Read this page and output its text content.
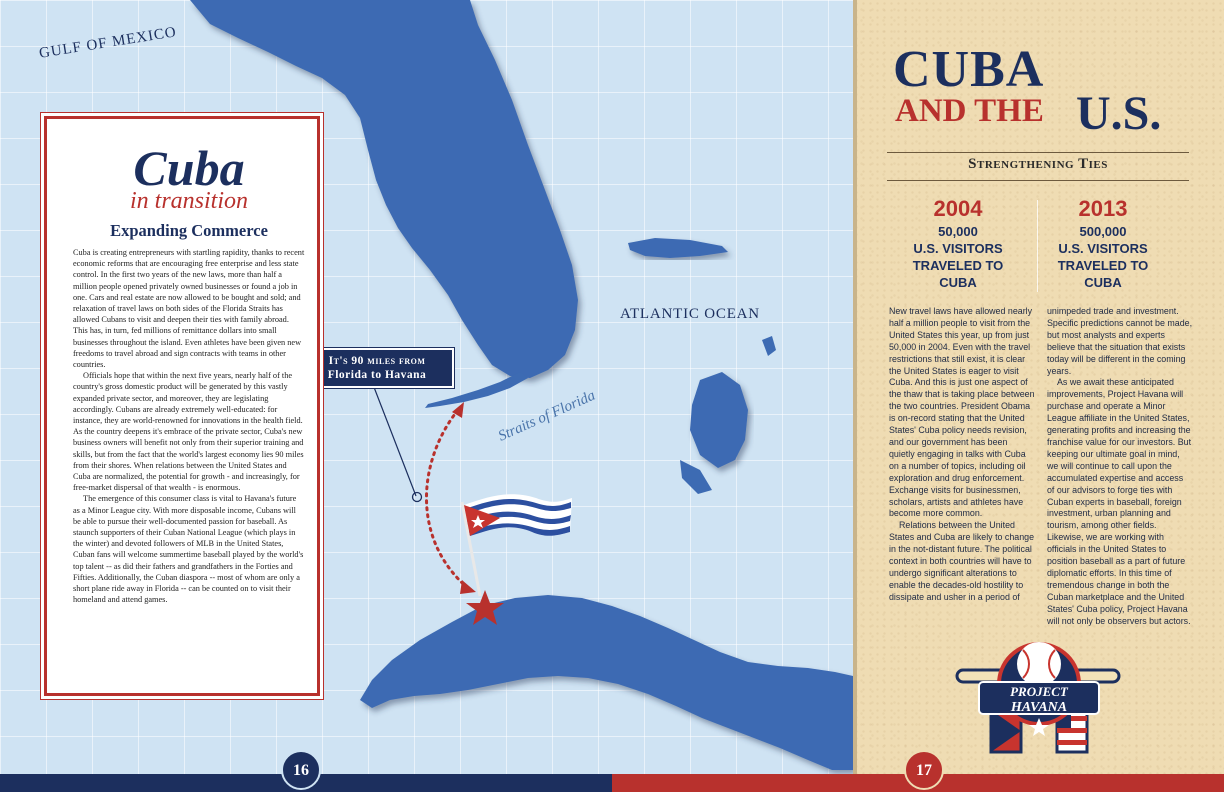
GULF OF MEXICO
ATLANTIC OCEAN
Straits of Florida
It's 90 miles from
Florida to Havana
Cuba
in transition
Expanding Commerce

Cuba is creating entrepreneurs with startling rapidity, thanks to recent economic reforms that are encouraging free enterprise and less state control. In the first two years of the new laws, more than half a million people opened privately owned businesses or found a job in one. Cars and real estate are now allowed to be bought and sold; and relaxation of travel laws on both sides of the Florida Straits has allowed Cubans to visit and deepen their ties with family abroad. This has, in turn, fed millions of remittance dollars into small businesses throughout the island. Even athletes have been given new freedoms to travel abroad and sign contracts with teams in other countries.

Officials hope that within the next five years, nearly half of the country's gross domestic product will be generated by this vastly expanded private sector, and moreover, they are legislating accordingly. Cubans are already extremely well-educated: for instance, they are world-renowned for innovations in the health field. As the country deepens it's embrace of the private sector, Cuba's new business owners will benefit not only from their superior training and skills, but from the fact that the world's largest economy lies 90 miles from their shores. When relations between the United States and Cuba are normalized, the potential for growth - and increasingly, for free-market dispersal of that wealth - is enormous.

The emergence of this consumer class is vital to Havana's future as a Minor League city. With more disposable income, Cubans will be able to pursue their well-documented passion for baseball. As staunch supporters of their Cuban National League (which plays in the winter) and devoted followers of MLB in the United States, Cuban fans will welcome summertime baseball played by the world's top talent -- as did their fathers and grandfathers in the Forties and Fifties. Additionally, the Cuban diaspora -- most of whom are only a short plane ride away in Florida -- can be counted on to visit their homeland and attend games.

CUBA
AND THE U.S.
Strengthening Ties
2004
50,000
U.S. VISITORS TRAVELED TO CUBA
2013
500,000
U.S. VISITORS TRAVELED TO CUBA

New travel laws have allowed nearly half a million people to visit from the United States this year, up from just 50,000 in 2004. Even with the travel restrictions that still exist, it is clear the United States is eager to visit Cuba. And this is just one aspect of the thaw that is taking place between the two countries. President Obama is on-record stating that the United States' Cuba policy needs revision, and our government has been quietly engaging in talks with Cuba on a number of topics, including oil exploration and drug enforcement. Exchange visits for businessmen, scholars, artists and athletes have become more common.

Relations between the United States and Cuba are likely to change in the not-distant future. The political context in both countries will have to undergo significant alterations to enable the decades-old hostility to dissipate and usher in a period of

unimpeded trade and investment. Specific predictions cannot be made, but most analysts and experts believe that the situation that exists today will be different in the coming years.

As we await these anticipated improvements, Project Havana will purchase and operate a Minor League affiliate in the United States, generating profits and increasing the franchise value for our investors. But keeping our ultimate goal in mind, we will continue to call upon the accumulated expertise and access of our advisors to forge ties with Cuban experts in baseball, foreign investment, urban planning and tourism, among other fields. Likewise, we are working with officials in the United States to position baseball as a part of future diplomatic efforts. In this time of tremendous change in both the Cuban marketplace and the United States' Cuba policy, Project Havana will not only be observers but actors.

PROJECT
HAVANA
16	17
